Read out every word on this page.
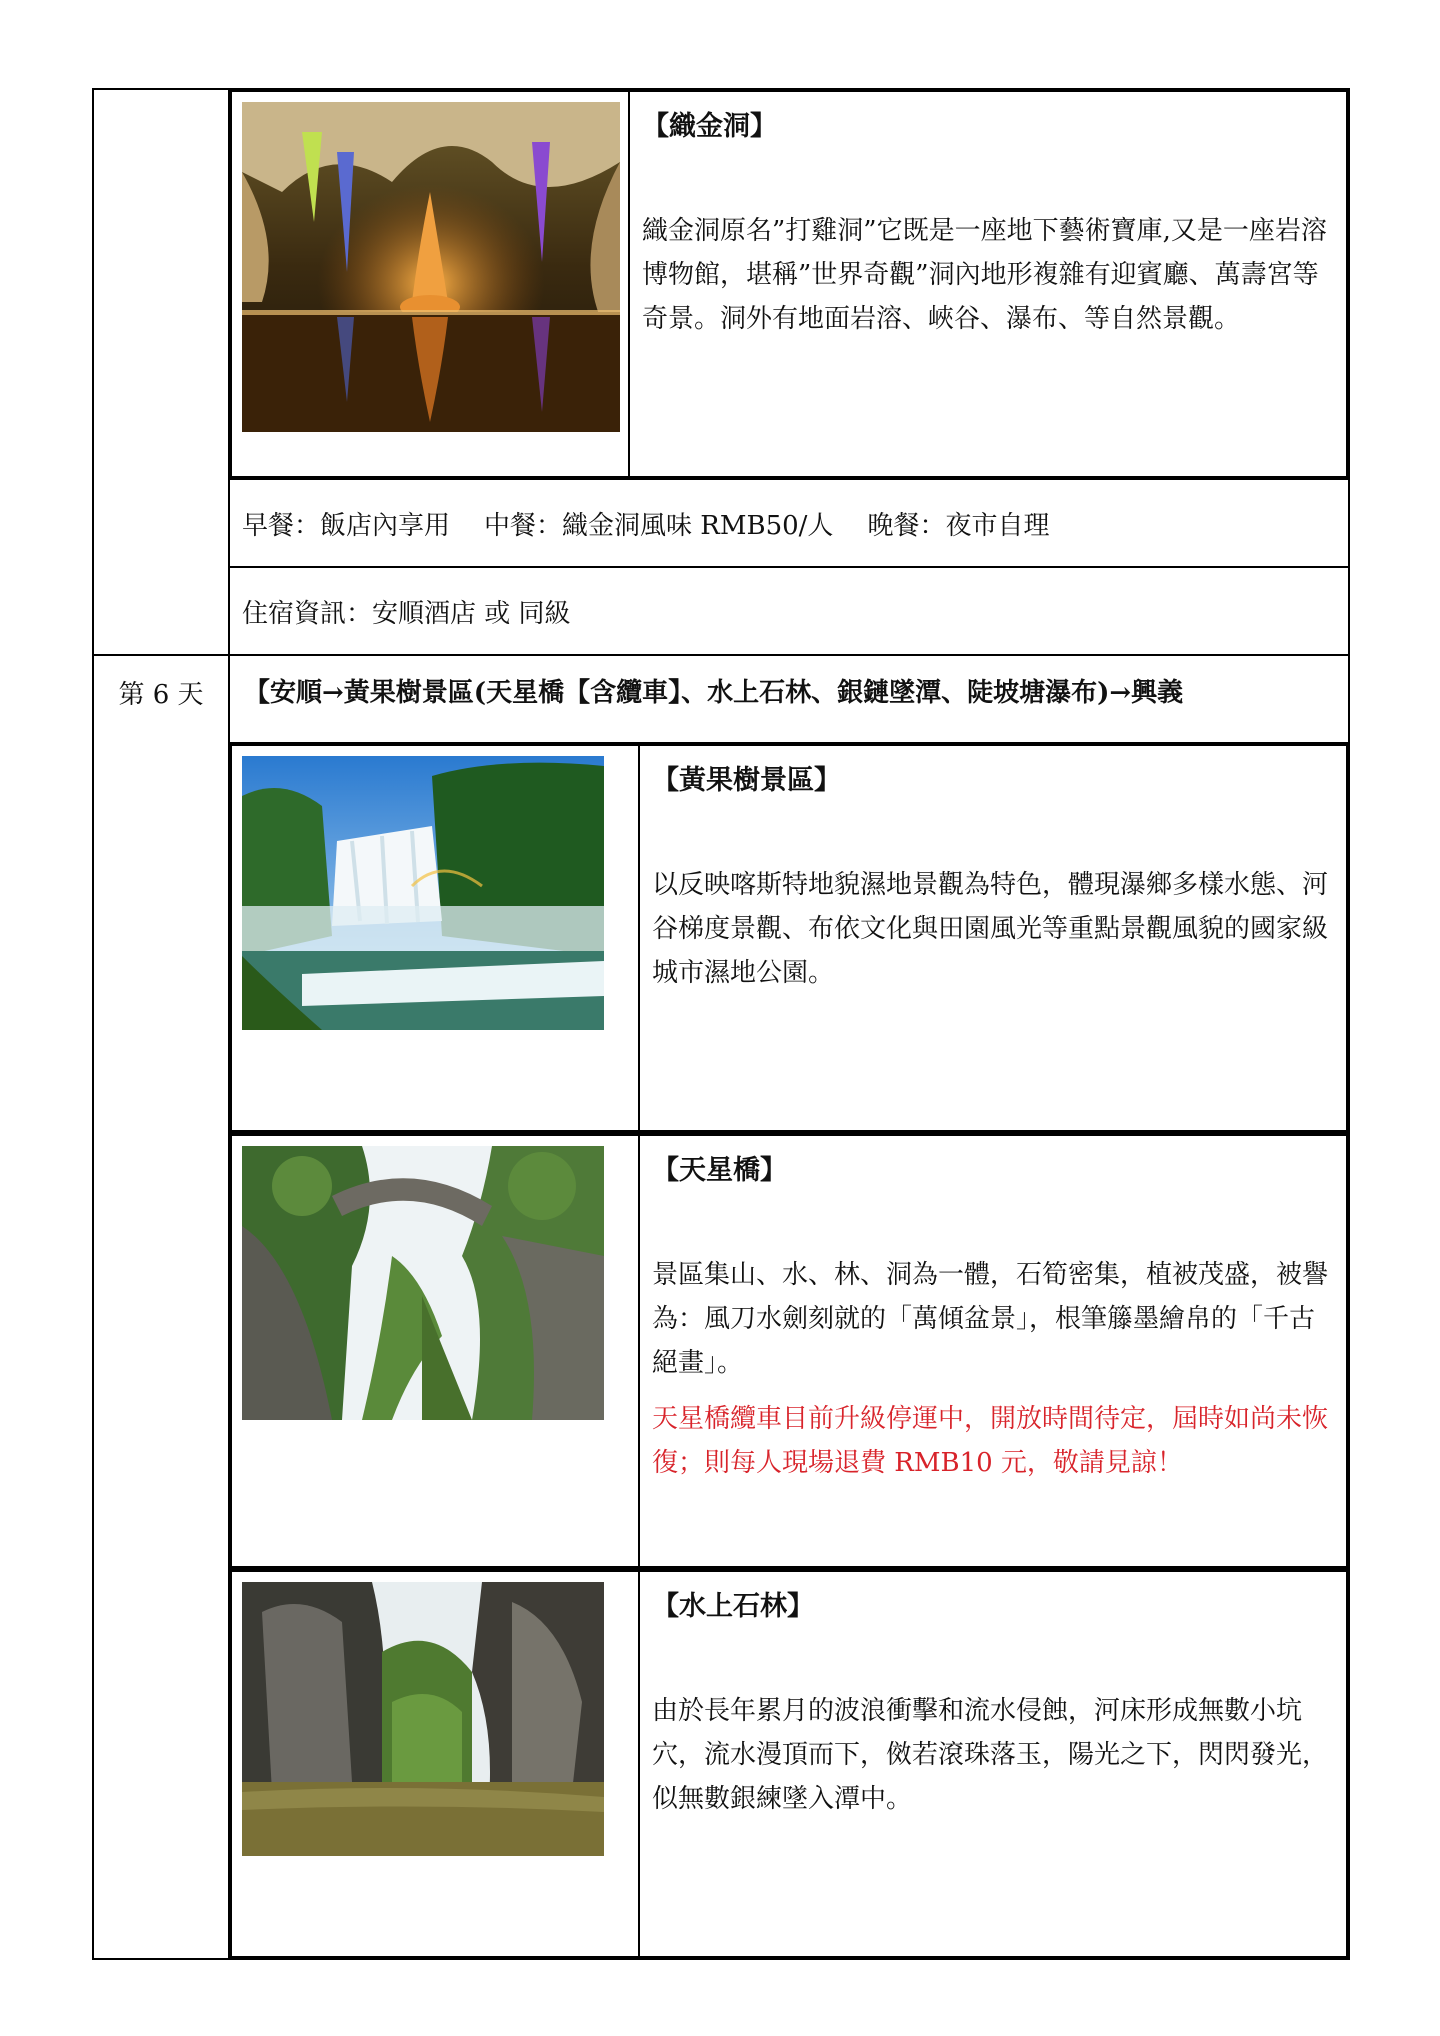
【織金洞】
織金洞原名”打雞洞”它既是一座地下藝術寶庫,又是一座岩溶博物館，堪稱”世界奇觀”洞內地形複雜有迎賓廳、萬壽宮等奇景。洞外有地面岩溶、峽谷、瀑布、等自然景觀。

早餐：飯店內享用 中餐：織金洞風味 RMB50/人 晚餐：夜市自理
住宿資訊：安順酒店 或 同級
第 6 天	【安順→黃果樹景區(天星橋【含纜車】、水上石林、銀鏈墜潭、陡坡塘瀑布)→興義

【黃果樹景區】
以反映喀斯特地貌濕地景觀為特色，體現瀑鄉多樣水態、河谷梯度景觀、布依文化與田園風光等重點景觀風貌的國家級城市濕地公園。

【天星橋】
景區集山、水、林、洞為一體，石筍密集，植被茂盛，被譽為：風刀水劍刻就的「萬傾盆景」，根筆籐墨繪帛的「千古絕畫」。
天星橋纜車目前升級停運中，開放時間待定，屆時如尚未恢復；則每人現場退費 RMB10 元，敬請見諒！

【水上石林】
由於長年累月的波浪衝擊和流水侵蝕，河床形成無數小坑穴，流水漫頂而下，傚若滾珠落玉，陽光之下，閃閃發光，似無數銀練墜入潭中。
